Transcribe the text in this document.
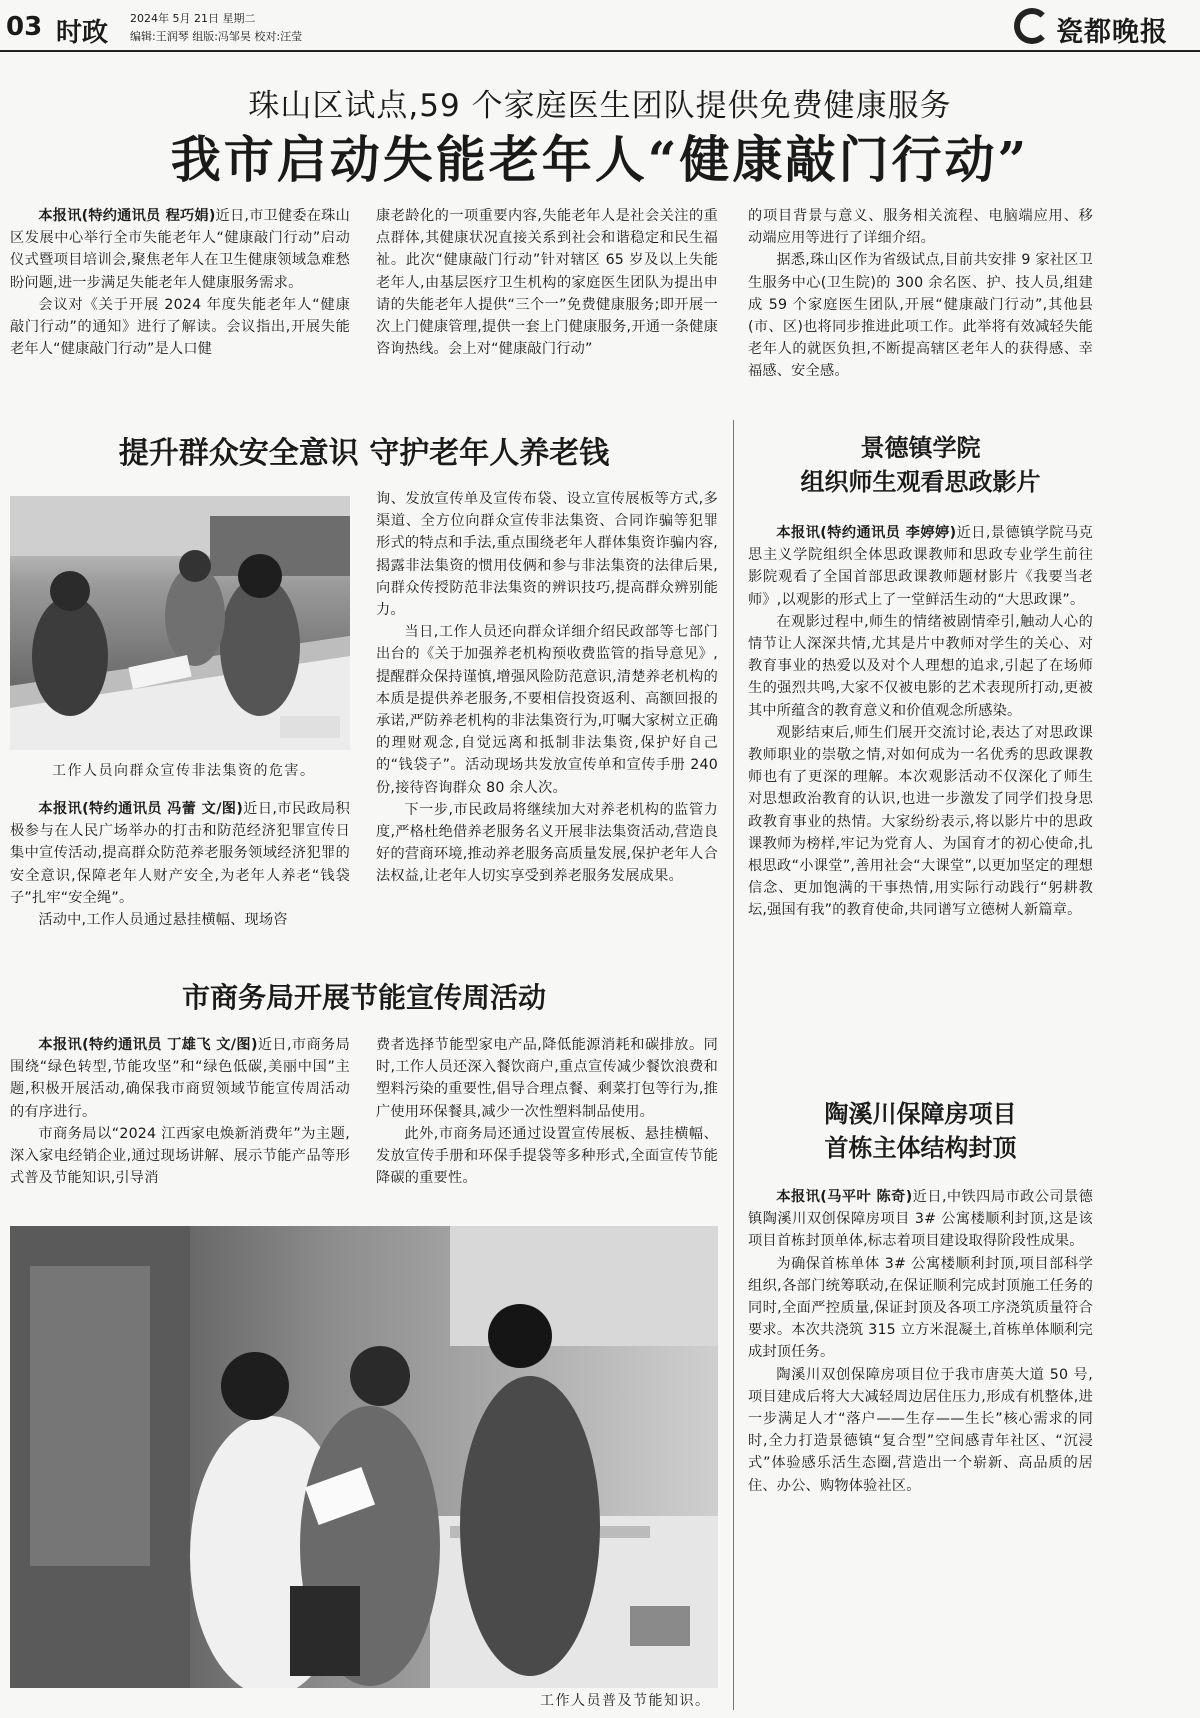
03 时政 2024年 5月 21日 星期二
编辑:王润琴 组版:冯邹昊 校对:汪莹	瓷都晚报
珠山区试点,59 个家庭医生团队提供免费健康服务
我市启动失能老年人“健康敲门行动”

本报讯(特约通讯员 程巧娟)近日,市卫健委在珠山区发展中心举行全市失能老年人“健康敲门行动”启动仪式暨项目培训会,聚焦老年人在卫生健康领域急难愁盼问题,进一步满足失能老年人健康服务需求。

会议对《关于开展 2024 年度失能老年人“健康敲门行动”的通知》进行了解读。会议指出,开展失能老年人“健康敲门行动”是人口健

康老龄化的一项重要内容,失能老年人是社会关注的重点群体,其健康状况直接关系到社会和谐稳定和民生福祉。此次“健康敲门行动”针对辖区 65 岁及以上失能老年人,由基层医疗卫生机构的家庭医生团队为提出申请的失能老年人提供“三个一”免费健康服务;即开展一次上门健康管理,提供一套上门健康服务,开通一条健康咨询热线。会上对“健康敲门行动”

的项目背景与意义、服务相关流程、电脑端应用、移动端应用等进行了详细介绍。

据悉,珠山区作为省级试点,目前共安排 9 家社区卫生服务中心(卫生院)的 300 余名医、护、技人员,组建成 59 个家庭医生团队,开展“健康敲门行动”,其他县(市、区)也将同步推进此项工作。此举将有效减轻失能老年人的就医负担,不断提高辖区老年人的获得感、幸福感、安全感。

提升群众安全意识 守护老年人养老钱
工作人员向群众宣传非法集资的危害。

本报讯(特约通讯员 冯蕾 文/图)近日,市民政局积极参与在人民广场举办的打击和防范经济犯罪宣传日集中宣传活动,提高群众防范养老服务领域经济犯罪的安全意识,保障老年人财产安全,为老年人养老“钱袋子”扎牢“安全绳”。

活动中,工作人员通过悬挂横幅、现场咨

询、发放宣传单及宣传布袋、设立宣传展板等方式,多渠道、全方位向群众宣传非法集资、合同诈骗等犯罪形式的特点和手法,重点围绕老年人群体集资诈骗内容,揭露非法集资的惯用伎俩和参与非法集资的法律后果,向群众传授防范非法集资的辨识技巧,提高群众辨别能力。

当日,工作人员还向群众详细介绍民政部等七部门出台的《关于加强养老机构预收费监管的指导意见》,提醒群众保持谨慎,增强风险防范意识,清楚养老机构的本质是提供养老服务,不要相信投资返利、高额回报的承诺,严防养老机构的非法集资行为,叮嘱大家树立正确的理财观念,自觉远离和抵制非法集资,保护好自己的“钱袋子”。活动现场共发放宣传单和宣传手册 240 份,接待咨询群众 80 余人次。

下一步,市民政局将继续加大对养老机构的监管力度,严格杜绝借养老服务名义开展非法集资活动,营造良好的营商环境,推动养老服务高质量发展,保护老年人合法权益,让老年人切实享受到养老服务发展成果。

市商务局开展节能宣传周活动

本报讯(特约通讯员 丁雄飞 文/图)近日,市商务局围绕“绿色转型,节能攻坚”和“绿色低碳,美丽中国”主题,积极开展活动,确保我市商贸领域节能宣传周活动的有序进行。

市商务局以“2024 江西家电焕新消费年”为主题,深入家电经销企业,通过现场讲解、展示节能产品等形式普及节能知识,引导消

费者选择节能型家电产品,降低能源消耗和碳排放。同时,工作人员还深入餐饮商户,重点宣传减少餐饮浪费和塑料污染的重要性,倡导合理点餐、剩菜打包等行为,推广使用环保餐具,减少一次性塑料制品使用。

此外,市商务局还通过设置宣传展板、悬挂横幅、发放宣传手册和环保手提袋等多种形式,全面宣传节能降碳的重要性。

工作人员普及节能知识。
景德镇学院
组织师生观看思政影片

本报讯(特约通讯员 李婷婷)近日,景德镇学院马克思主义学院组织全体思政课教师和思政专业学生前往影院观看了全国首部思政课教师题材影片《我要当老师》,以观影的形式上了一堂鲜活生动的“大思政课”。

在观影过程中,师生的情绪被剧情牵引,触动人心的情节让人深深共情,尤其是片中教师对学生的关心、对教育事业的热爱以及对个人理想的追求,引起了在场师生的强烈共鸣,大家不仅被电影的艺术表现所打动,更被其中所蕴含的教育意义和价值观念所感染。

观影结束后,师生们展开交流讨论,表达了对思政课教师职业的崇敬之情,对如何成为一名优秀的思政课教师也有了更深的理解。本次观影活动不仅深化了师生对思想政治教育的认识,也进一步激发了同学们投身思政教育事业的热情。大家纷纷表示,将以影片中的思政课教师为榜样,牢记为党育人、为国育才的初心使命,扎根思政“小课堂”,善用社会“大课堂”,以更加坚定的理想信念、更加饱满的干事热情,用实际行动践行“躬耕教坛,强国有我”的教育使命,共同谱写立德树人新篇章。

陶溪川保障房项目
首栋主体结构封顶

本报讯(马平叶 陈奇)近日,中铁四局市政公司景德镇陶溪川双创保障房项目 3# 公寓楼顺利封顶,这是该项目首栋封顶单体,标志着项目建设取得阶段性成果。

为确保首栋单体 3# 公寓楼顺利封顶,项目部科学组织,各部门统筹联动,在保证顺利完成封顶施工任务的同时,全面严控质量,保证封顶及各项工序浇筑质量符合要求。本次共浇筑 315 立方米混凝土,首栋单体顺利完成封顶任务。

陶溪川双创保障房项目位于我市唐英大道 50 号,项目建成后将大大减轻周边居住压力,形成有机整体,进一步满足人才“落户——生存——生长”核心需求的同时,全力打造景德镇“复合型”空间感青年社区、“沉浸式”体验感乐活生态圈,营造出一个崭新、高品质的居住、办公、购物体验社区。
